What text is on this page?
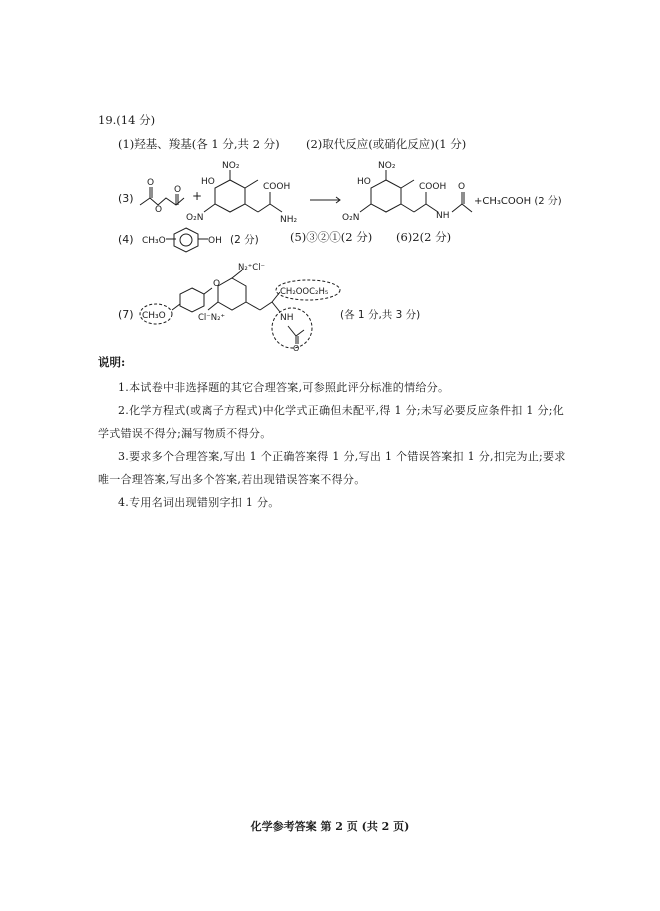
19.(14 分)
(1)羟基、羧基(各 1 分,共 2 分) (2)取代反应(或硝化反应)(1 分)
(3)
O
O
O +
HO
NO₂
O₂N
COOH
NH₂
HO
NO₂
O₂N
COOH
NH
O
+CH₃COOH (2 分)
(4) CH₃O	OH (2 分)	(5)③②①(2 分) (6)2(2 分)
(7) CH₃O
O
N₂⁺Cl⁻
Cl⁻N₂⁺
CH₂OOC₂H₅
NH
O
(各 1 分,共 3 分)
说明:
1.本试卷中非选择题的其它合理答案,可参照此评分标准的情给分。
2.化学方程式(或离子方程式)中化学式正确但未配平,得 1 分;未写必要反应条件扣 1 分;化学式错误不得分;漏写物质不得分。
3.要求多个合理答案,写出 1 个正确答案得 1 分,写出 1 个错误答案扣 1 分,扣完为止;要求唯一合理答案,写出多个答案,若出现错误答案不得分。
4.专用名词出现错别字扣 1 分。
化学参考答案 第 2 页 (共 2 页)
